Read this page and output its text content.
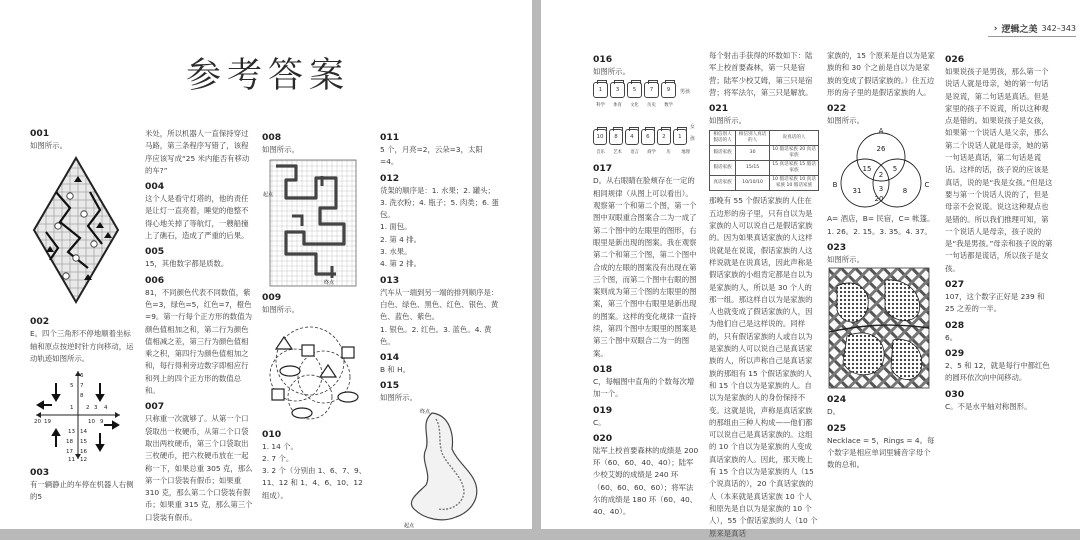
参考答案
001
如图所示。
002
E。四个三角形不停地顺着坐标轴和原点按逆时针方向移动，运动轨迹如图所示。
6
7
5
8
1 2 3 4
20 19	10 9
13 14
18
17
15
16
12
11
003
有一辆静止的车停在机器人右侧的5
米处，所以机器人一直保持穿过马路，第三条程序写错了，该程序应该写成“25 米内能否有移动的车?”
004
这个人是看守灯塔的，他的责任是让灯一直亮着，睡觉的他整不得心地关掉了等航灯，一艘船撞上了礁石，造成了严重的后果。
005
15，其他数字都是质数。
006
81，不同颜色代表不同数值，紫色=3，绿色=5，红色=7，橙色=9。第一行每个正方形的数值为颜色值相加之和，第二行为颜色值相减之差，第三行为颜色值相乘之积，第四行为颜色值相加之和，每行得利旁边数字即相应行和列上的四个正方形的数值总和。
007
只称重一次就够了。从第一个口袋取出一枚硬币，从第二个口袋取出两枚硬币，第三个口袋取出三枚硬币，把六枚硬币放在一起称一下，如果总重 305 克，那么第一个口袋装有假币；如果重 310 克，那么第二个口袋装有假币；如果重 315 克，那么第三个口袋装有假币。
008
如图所示。
起点
终点
009
如图所示。
010
1. 14 个。
2. 7 个。
3. 2 个（分别由 1、6、7、9、11、12 和 1、4、6、10、12 组成）。
011
5 个，月亮=2，云朵=3，太阳=4。
012
货架的顺序是：1. 水果；2. 罐头；3. 洗衣粉；4. 瓶子；5. 肉类；6. 蛋包。
1. 面包。
2. 第 4 排。
3. 水果。
4. 第 2 排。
013
汽车从一端到另一端的排列顺序是：白色、绿色、黑色、红色、银色、黄色、蓝色、紫色。
1. 银色。2. 红色。3. 蓝色。4. 黄色。
014
B 和 H。
015
如图所示。
终点
起点
› 逻辑之美 342–343
016
如图所示。
1	3	5	7	9	男孩
科学	体育	文化	历史	数学
10	8	4	6	2	1
女孩
音乐	艺术	语言	商学	历	地理
017
D。从右眼睛在脸颊存在一定的相同规律（从图上可以看出）。观察第一个和第二个图，第一个图中双眼重合图案合二为一成了第二个图中的左眼里的图形，右眼里是新出现的图案。我在观察第二个和第三个图，第二个图中合成的左眼的图案没有出现在第三个图，而第二个图中右眼的图案则成为第三个图的左眼里的图案，第三个图中右眼里是新出现的图案。这样的变化规律一直持续，第四个图中左眼里的图案是第三个图中双眼合二为一的图案。
018
C，每幅图中直角的个数每次增加一个。
019
C。
020
陆军上校首要森林的成绩是 200 环（60、60、40、40）；陆军少校艾姆的成绩是 240 环（60、60、60、60）；将军法尔的成绩是 180 环（60、40、40、40）。
每个射击手获得的环数如下：陆军上校首要森林，第一只是宿营；陆军少校艾姆，第三只是宿营；将军法尔，第三只是解放。
021
如图所示。
相信别人假话的人	相信别人真话的人	说真话的人
假话家族	30	10 假话家族 20 真话家族
假话家族	15/15	15 真话家族 15 假话家族
真话家族	10/10/10	10 假话家族 10 真话家族 10 假话家族
那晚有 55 个假话家族的人住在五边形的房子里，只有自以为是家族的人可以说自己是假话家族的。因为如果真话家族的人这样说就是在说谎，假话家族的人这样说就是在说真话，因此声称是假话家族的小组肯定都是自以为是家族的人，所以是 30 个人的那一组。那这样自以为是家族的人也就变成了假话家族的人，因为他们自己是这样说的。同样的，只有假话家族的人或自以为是家族的人可以说自己是真话家族的人，所以声称自己是真话家族的那组有 15 个假话家族的人和 15 个自以为是家族的人。自以为是家族的人的身份保持不变。这就是说，声称是真话家族的那组由三种人构成——他们都可以说自己是真话家族的。这组的 10 个自以为是家族的人变成真话家族的人。因此，那天晚上有 15 个自以为是家族的人（15 个说真话的），20 个真话家族的人（本来就是真话家族 10 个人和原先是自以为是家族的 10 个人），55 个假话家族的人（10 个原来是真话
家族的，15 个原来是自以为是家族的和 30 个之前是自以为是家族的变成了假话家族的。）住五边形的房子里的是假话家族的人。
022
如图所示。
A
B	C
26
15	5
2
3
31
20
8
A= 酒店，B= 民宿，C= 帐篷。
1. 26。2. 15。3. 35。4. 37。
023
如图所示。
024
D。
025
Necklace = 5，Rings = 4。每个数字是相应单词里辅音字母个数的总和。
026
如果说孩子是男孩，那么第一个说话人就是母亲，她的第一句话是说谎，第二句话是真话。但是家里的孩子不说谎，所以这种观点是错的。如果说孩子是女孩，如果第一个说话人是父亲，那么第二个说话人就是母亲，她的第一句话是真话，第二句话是谎话。这样的话，孩子说的应该是真话，说的是“我是女孩。”但是这要与第一个说话人说的了，但是母亲不会说谎。说这这种观点也是错的。所以我们推理可知，第一个说话人是母亲，孩子说的是“我是男孩。”母亲和孩子说的第一句话都是谎话，所以孩子是女孩。
027
107，这个数字正好是 239 和 25 之差的一半。
028
6。
029
2、5 和 12，就是每行中都红色的圆环依次向中间移动。
030
C。不是水平轴对称图形。
